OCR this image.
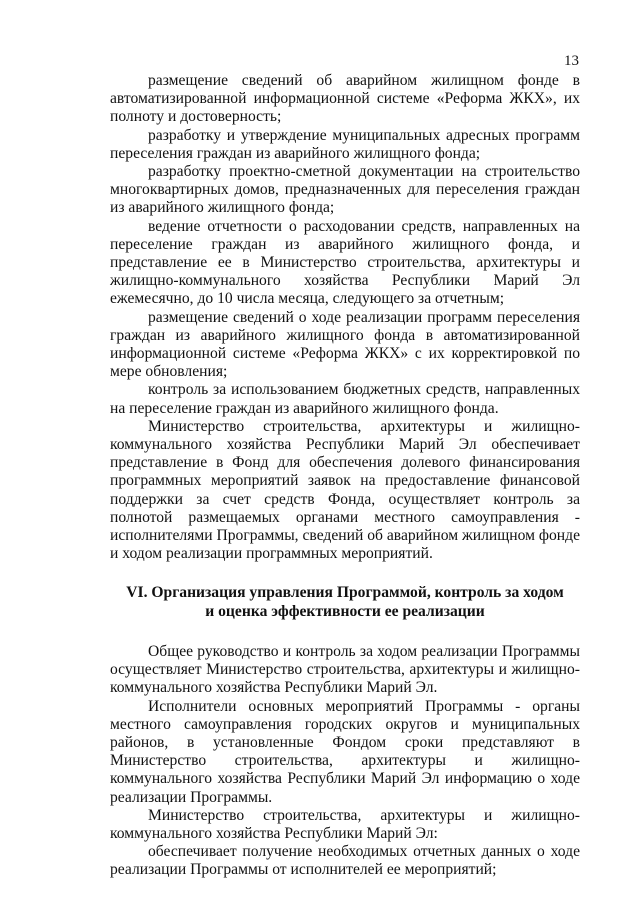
13

размещение сведений об аварийном жилищном фонде в автоматизированной информационной системе «Реформа ЖКХ», их полноту и достоверность;

разработку и утверждение муниципальных адресных программ переселения граждан из аварийного жилищного фонда;

разработку проектно-сметной документации на строительство многоквартирных домов, предназначенных для переселения граждан из аварийного жилищного фонда;

ведение отчетности о расходовании средств, направленных на переселение граждан из аварийного жилищного фонда, и представление ее в Министерство строительства, архитектуры и жилищно-коммунального хозяйства Республики Марий Эл ежемесячно, до 10 числа месяца, следующего за отчетным;

размещение сведений о ходе реализации программ переселения граждан из аварийного жилищного фонда в автоматизированной информационной системе «Реформа ЖКХ» с их корректировкой по мере обновления;

контроль за использованием бюджетных средств, направленных на переселение граждан из аварийного жилищного фонда.

Министерство строительства, архитектуры и жилищно-коммунального хозяйства Республики Марий Эл обеспечивает представление в Фонд для обеспечения долевого финансирования программных мероприятий заявок на предоставление финансовой поддержки за счет средств Фонда, осуществляет контроль за полнотой размещаемых органами местного самоуправления - исполнителями Программы, сведений об аварийном жилищном фонде и ходом реализации программных мероприятий.

VI. Организация управления Программой, контроль за ходом
и оценка эффективности ее реализации

Общее руководство и контроль за ходом реализации Программы осуществляет Министерство строительства, архитектуры и жилищно-коммунального хозяйства Республики Марий Эл.

Исполнители основных мероприятий Программы - органы местного самоуправления городских округов и муниципальных районов, в установленные Фондом сроки представляют в Министерство строительства, архитектуры и жилищно-коммунального хозяйства Республики Марий Эл информацию о ходе реализации Программы.

Министерство строительства, архитектуры и жилищно-коммунального хозяйства Республики Марий Эл:

обеспечивает получение необходимых отчетных данных о ходе реализации Программы от исполнителей ее мероприятий;
